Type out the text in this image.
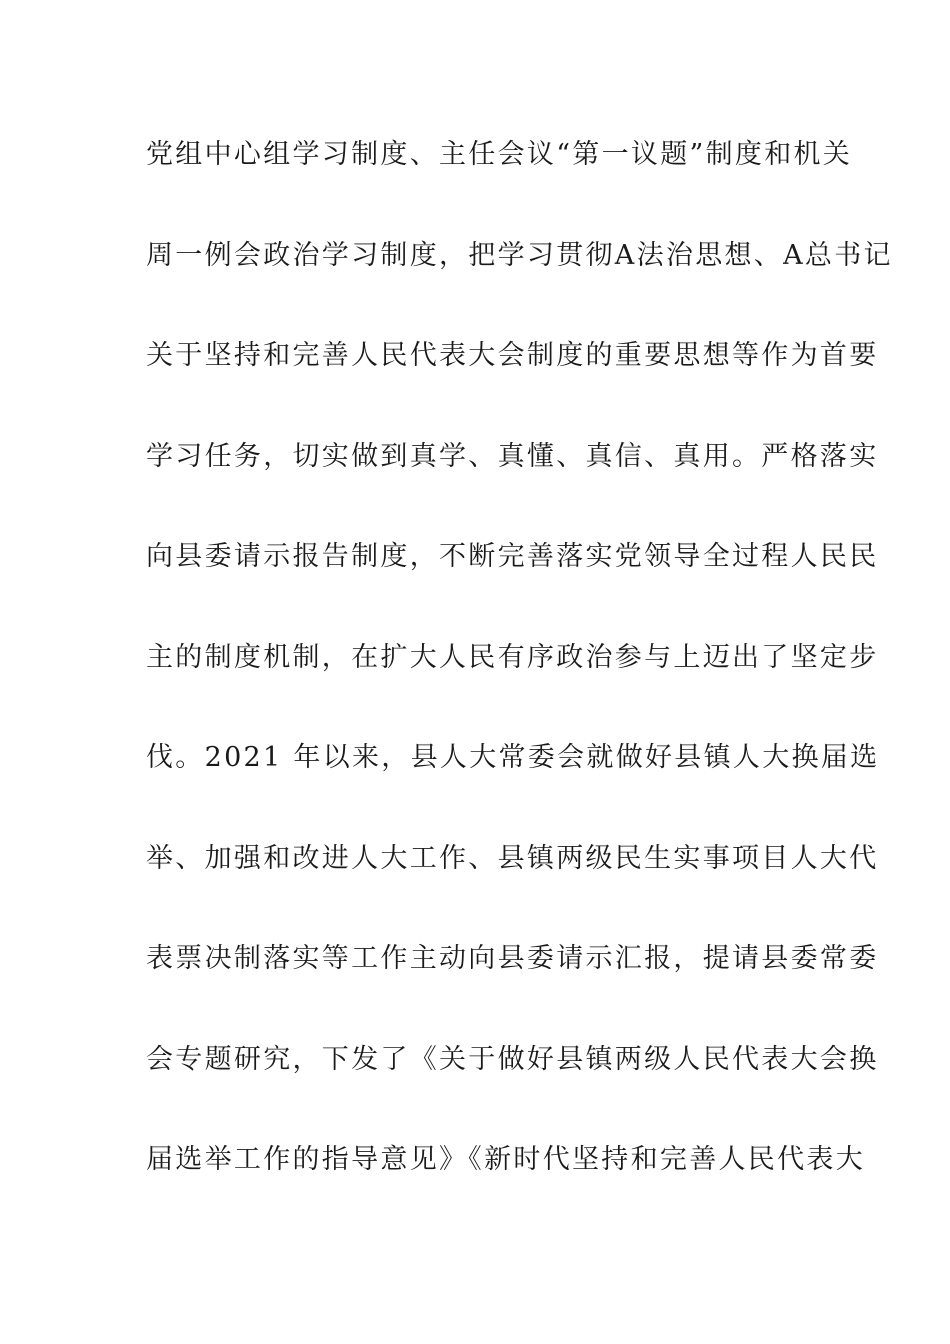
党组中心组学习制度、主任会议“第一议题”制度和机关
周一例会政治学习制度，把学习贯彻A法治思想、A总书记
关于坚持和完善人民代表大会制度的重要思想等作为首要
学习任务，切实做到真学、真懂、真信、真用。严格落实
向县委请示报告制度，不断完善落实党领导全过程人民民
主的制度机制，在扩大人民有序政治参与上迈出了坚定步
伐。2021 年以来，县人大常委会就做好县镇人大换届选
举、加强和改进人大工作、县镇两级民生实事项目人大代
表票决制落实等工作主动向县委请示汇报，提请县委常委
会专题研究，下发了《关于做好县镇两级人民代表大会换
届选举工作的指导意见》《新时代坚持和完善人民代表大
